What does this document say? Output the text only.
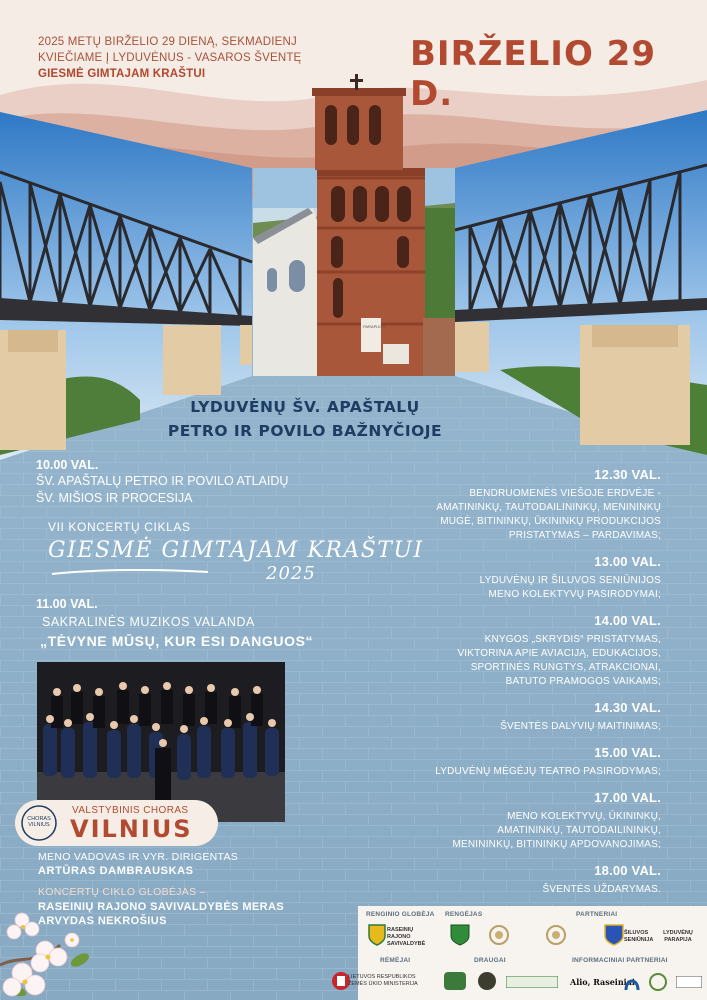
PARAPIJOS
2025 METŲ BIRŽELIO 29 DIENĄ, SEKMADIENJ
KVIEČIAME Į LYDUVĖNUS - VASAROS ŠVENTĘ
GIESMĖ GIMTAJAM KRAŠTUI	BIRŽELIO 29 D.
LYDUVĖNŲ ŠV. APAŠTALŲ
PETRO IR POVILO BAŽNYČIOJE
10.00 VAL.
ŠV. APAŠTALŲ PETRO IR POVILO ATLAIDŲ
ŠV. MIŠIOS IR PROCESIJA
VII KONCERTŲ CIKLAS
GIESMĖ GIMTAJAM KRAŠTUI
2025
11.00 VAL.
SAKRALINĖS MUZIKOS VALANDA
„TĖVYNE MŪSŲ, KUR ESI DANGUOS“
CHORAS VILNIUS
VALSTYBINIS CHORAS
VILNIUS
MENO VADOVAS IR VYR. DIRIGENTAS
ARTŪRAS DAMBRAUSKAS
KONCERTŲ CIKLO GLOBĖJAS –
RASEINIŲ RAJONO SAVIVALDYBĖS MERAS
ARVYDAS NEKROŠIUS
12.30 VAL.
BENDRUOMENĖS VIEŠOJE ERDVĖJE -
AMATININKŲ, TAUTODAILININKŲ, MENININKŲ
MUGĖ, BITININKŲ, ŪKININKŲ PRODUKCIJOS
PRISTATYMAS – PARDAVIMAS;
13.00 VAL.
LYDUVĖNŲ IR ŠILUVOS SENIŪNIJOS
MENO KOLEKTYVŲ PASIRODYMAI;
14.00 VAL.
KNYGOS „SKRYDIS“ PRISTATYMAS,
VIKTORINA APIE AVIACIJĄ, EDUKACIJOS,
SPORTINĖS RUNGTYS, ATRAKCIONAI,
BATUTO PRAMOGOS VAIKAMS;
14.30 VAL.
ŠVENTĖS DALYVIŲ MAITINIMAS;
15.00 VAL.
LYDUVĖNŲ MĖGĖJŲ TEATRO PASIRODYMAS;
17.00 VAL.
MENO KOLEKTYVŲ, ŪKININKŲ,
AMATININKŲ, TAUTODAILININKŲ,
MENININKŲ, BITININKŲ APDOVANOJIMAS;
18.00 VAL.
ŠVENTĖS UŽDARYMAS.
RENGINIO GLOBĖJA RENGĖJAS	PARTNERIAI
RĖMĖJAI	DRAUGAI	INFORMACINIAI PARTNERIAI
RASEINIŲ RAJONO SAVIVALDYBĖ
ŠILUVOS SENIŪNIJA
LYDUVĖNŲ PARAPIJA
LIETUVOS RESPUBLIKOS ŽEMĖS ŪKIO MINISTERIJA	Alio, Raseiniai
